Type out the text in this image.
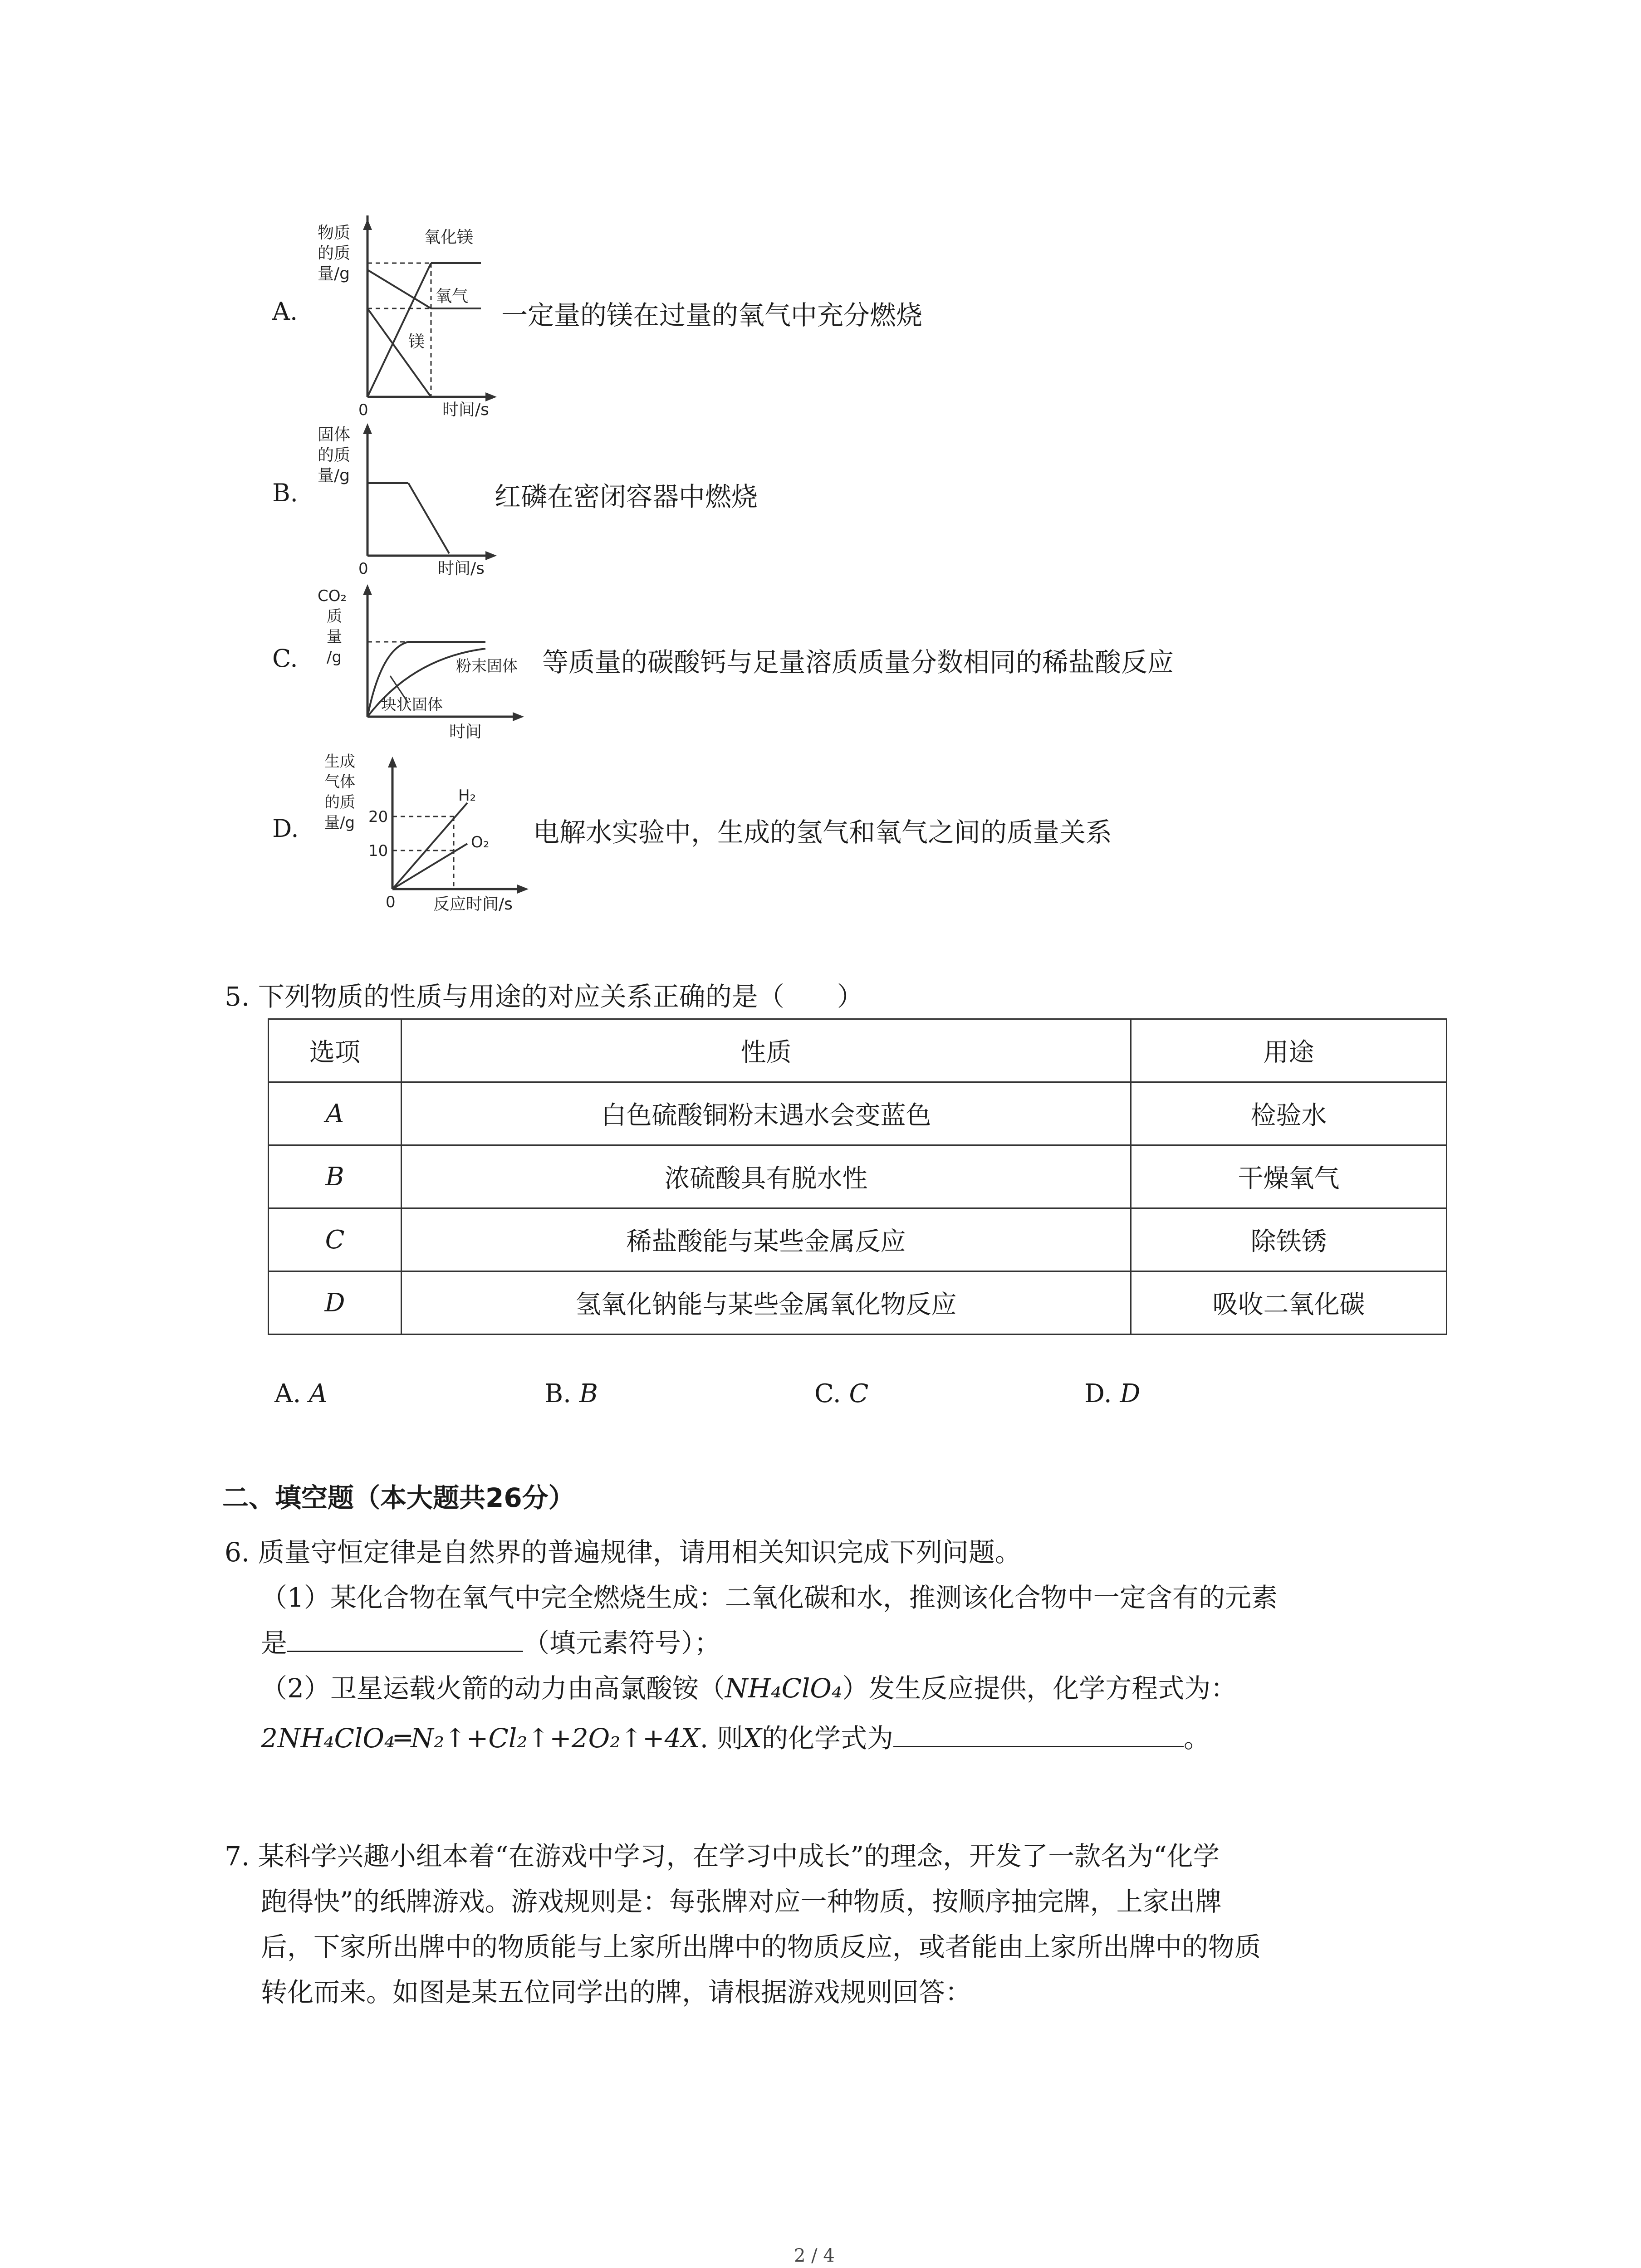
A.
物质
的质
量/g
0	时间/s
氧化镁
氧气
镁
一定量的镁在过量的氧气中充分燃烧
B.
固体
的质
量/g
0	时间/s
红磷在密闭容器中燃烧
C.
CO₂
质
量
/g	粉末固体
块状固体
时间
等质量的碳酸钙与足量溶质质量分数相同的稀盐酸反应
D.
生成
气体
的质
量/g 20
10
0 反应时间/s
H₂
O₂ 电解水实验中，生成的氢气和氧气之间的质量关系
5. 下列物质的性质与用途的对应关系正确的是（　　）
选项	性质	用途
A	白色硫酸铜粉末遇水会变蓝色	检验水
B	浓硫酸具有脱水性	干燥氧气
C	稀盐酸能与某些金属反应	除铁锈
D	氢氧化钠能与某些金属氧化物反应	吸收二氧化碳
A. A	B. B	C. C	D. D
二、填空题（本大题共26分）
6. 质量守恒定律是自然界的普遍规律，请用相关知识完成下列问题。
（1）某化合物在氧气中完全燃烧生成：二氧化碳和水，推测该化合物中一定含有的元素
是	（填元素符号）；
（2）卫星运载火箭的动力由高氯酸铵（NH₄ClO₄）发生反应提供，化学方程式为：
2NH₄ClO₄═N₂↑+Cl₂↑+2O₂↑+4X. 则X的化学式为	。
7. 某科学兴趣小组本着“在游戏中学习，在学习中成长”的理念，开发了一款名为“化学
跑得快”的纸牌游戏。游戏规则是：每张牌对应一种物质，按顺序抽完牌，上家出牌
后，下家所出牌中的物质能与上家所出牌中的物质反应，或者能由上家所出牌中的物质
转化而来。如图是某五位同学出的牌，请根据游戏规则回答：
2 / 4
